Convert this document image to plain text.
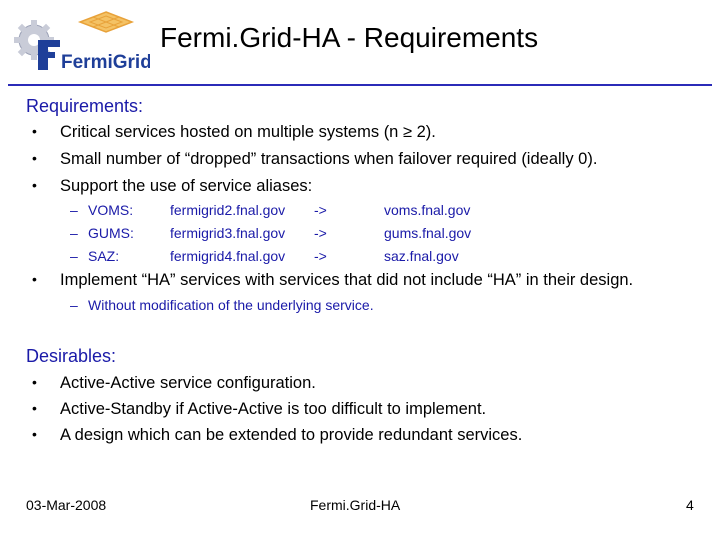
FermiGrid
Fermi.Grid-HA - Requirements
Requirements:
• Critical services hosted on multiple systems (n ≥ 2).
• Small number of “dropped” transactions when failover required (ideally 0).
• Support the use of service aliases:
– VOMS:	fermigrid2.fnal.gov ->	voms.fnal.gov
– GUMS:	fermigrid3.fnal.gov ->	gums.fnal.gov
– SAZ:	fermigrid4.fnal.gov ->	saz.fnal.gov
• Implement “HA” services with services that did not include “HA” in their design.
– Without modification of the underlying service.
Desirables:
• Active-Active service configuration.
• Active-Standby if Active-Active is too difficult to implement.
• A design which can be extended to provide redundant services.
03-Mar-2008	Fermi.Grid-HA	4
